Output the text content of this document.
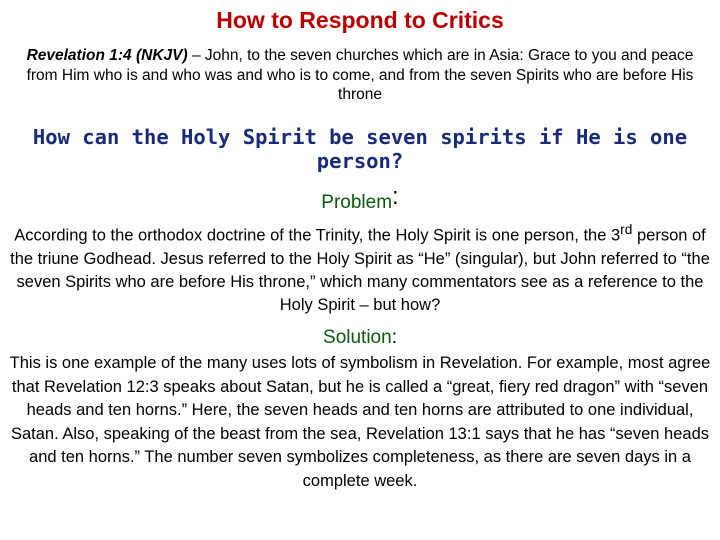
How to Respond to Critics
Revelation 1:4 (NKJV) – John, to the seven churches which are in Asia: Grace to you and peace from Him who is and who was and who is to come, and from the seven Spirits who are before His throne
How can the Holy Spirit be seven spirits if He is one person?
Problem:
According to the orthodox doctrine of the Trinity, the Holy Spirit is one person, the 3rd person of the triune Godhead. Jesus referred to the Holy Spirit as “He” (singular), but John referred to “the seven Spirits who are before His throne,” which many commentators see as a reference to the Holy Spirit – but how?
Solution:
This is one example of the many uses lots of symbolism in Revelation. For example, most agree that Revelation 12:3 speaks about Satan, but he is called a “great, fiery red dragon” with “seven heads and ten horns.” Here, the seven heads and ten horns are attributed to one individual, Satan. Also, speaking of the beast from the sea, Revelation 13:1 says that he has “seven heads and ten horns.” The number seven symbolizes completeness, as there are seven days in a complete week.
